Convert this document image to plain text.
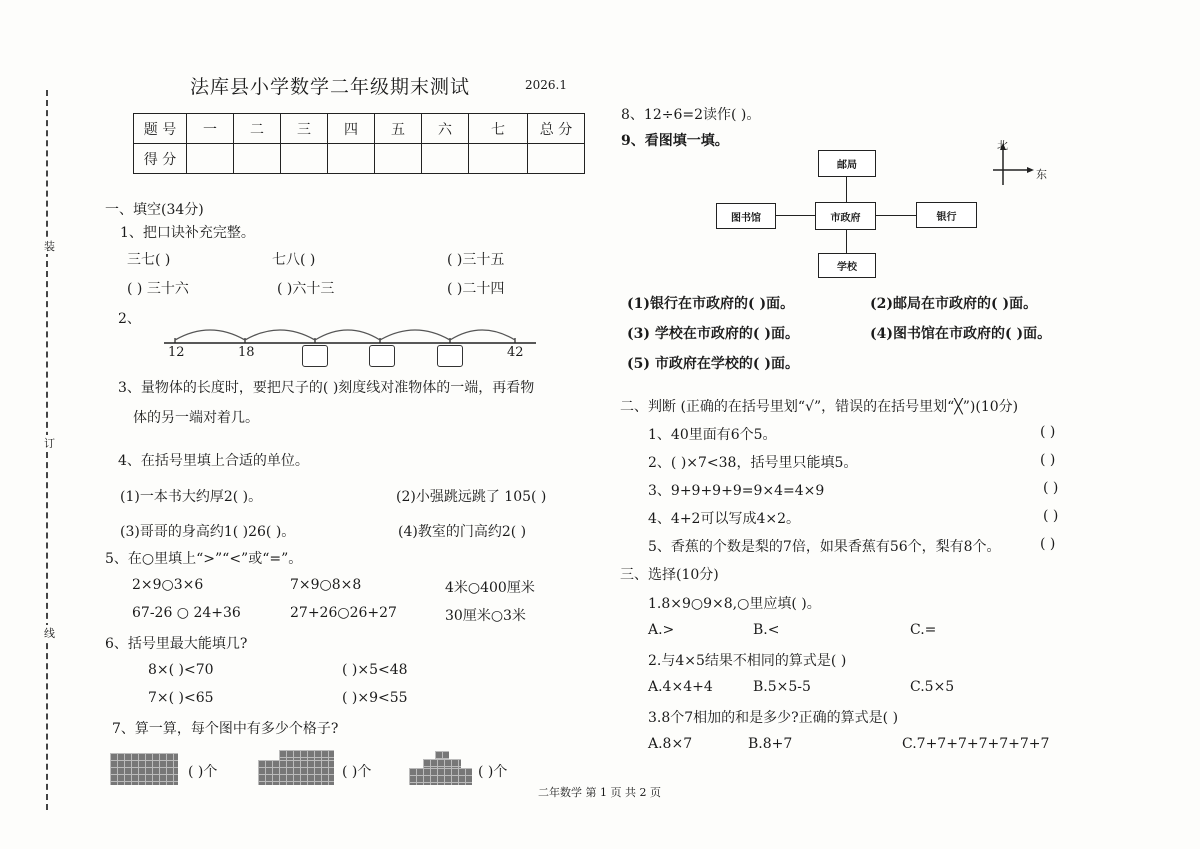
装
订
线
法库县小学数学二年级期末测试	2026.1
题 号	一	二	三	四	五	六	七	总 分
得 分								
一、填空(34分)
1、把口诀补充完整。
三七( )	七八( )	( )三十五
( ) 三十六	( )六十三	( )二十四
2、
12	18	42
3、量物体的长度时，要把尺子的( )刻度线对准物体的一端，再看物
体的另一端对着几。
4、在括号里填上合适的单位。
(1)一本书大约厚2( )。	(2)小强跳远跳了 105( )
(3)哥哥的身高约1( )26( )。	(4)教室的门高约2( )
5、在○里填上“>”“<”或“=”。
2×9○3×6	7×9○8×8	4米○400厘米
67-26 ○ 24+36	27+26○26+27	30厘米○3米
6、括号里最大能填几?
8×( )<70	( )×5<48
7×( )<65	( )×9<55
7、算一算，每个图中有多少个格子?
( )个	( )个	( )个
8、12÷6=2读作( )。
9、看图填一填。	北
东
邮局
图书馆	市政府	银行
学校
(1)银行在市政府的( )面。	(2)邮局在市政府的( )面。
(3) 学校在市政府的( )面。	(4)图书馆在市政府的( )面。
(5) 市政府在学校的( )面。
二、判断 (正确的在括号里划“√”，错误的在括号里划“╳”)(10分)
1、40里面有6个5。	( )
2、( )×7<38，括号里只能填5。	( )
3、9+9+9+9=9×4=4×9	( )
4、4+2可以写成4×2。	( )
5、香蕉的个数是梨的7倍，如果香蕉有56个，梨有8个。	( )
三、选择(10分)
1.8×9○9×8,○里应填( )。
A.>	B.<	C.=
2.与4×5结果不相同的算式是( )
A.4×4+4	B.5×5-5	C.5×5
3.8个7相加的和是多少?正确的算式是( )
A.8×7	B.8+7	C.7+7+7+7+7+7+7
二年数学 第 1 页 共 2 页
